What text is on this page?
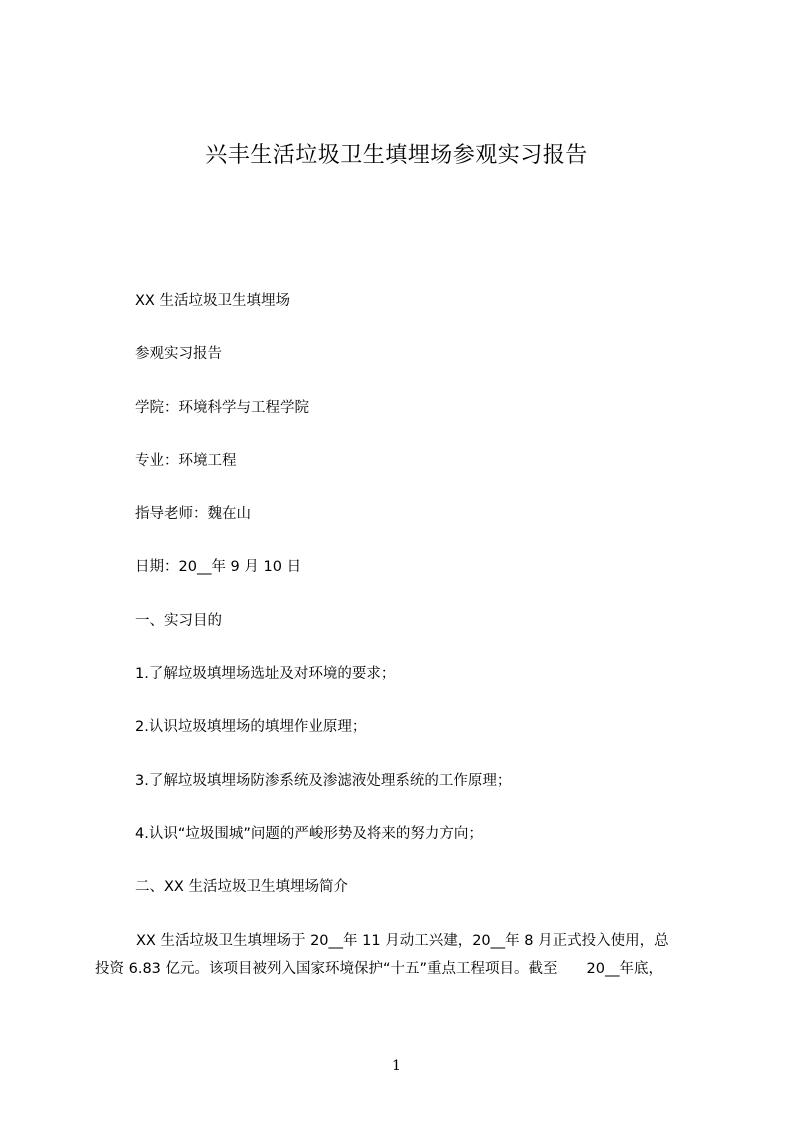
兴丰生活垃圾卫生填埋场参观实习报告
XX 生活垃圾卫生填埋场
参观实习报告
学院：环境科学与工程学院
专业：环境工程
指导老师：魏在山
日期：20__年 9 月 10 日
一、实习目的
1.了解垃圾填埋场选址及对环境的要求；
2.认识垃圾填埋场的填埋作业原理；
3.了解垃圾填埋场防渗系统及渗滤液处理系统的工作原理；
4.认识“垃圾围城”问题的严峻形势及将来的努力方向；
二、XX 生活垃圾卫生填埋场简介
XX 生活垃圾卫生填埋场于 20__年 11 月动工兴建，20__年 8 月正式投入使用，总
投资 6.83 亿元。该项目被列入国家环境保护“十五”重点工程项目。截至　　20__年底，
1
